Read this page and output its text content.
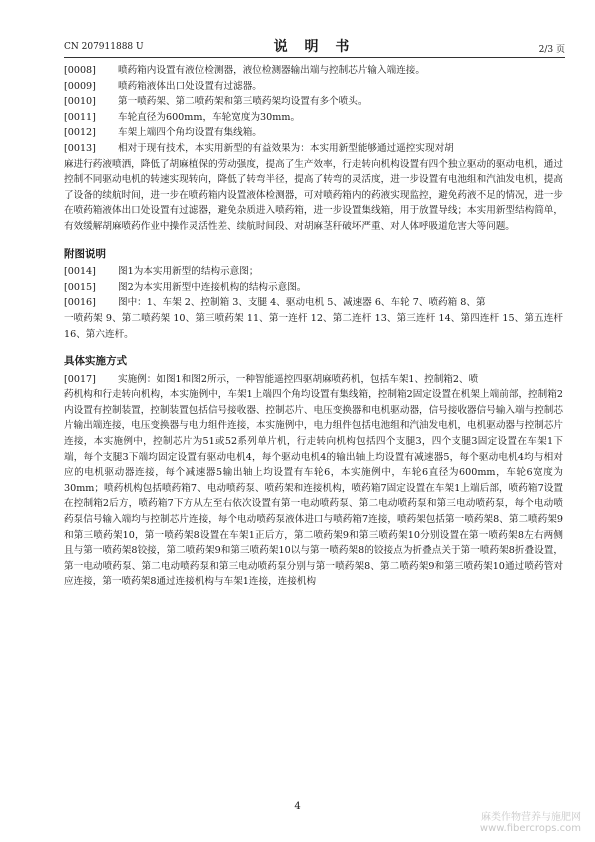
CN 207911888 U	说 明 书	2/3 页
[0008]	喷药箱内设置有液位检测器，液位检测器输出端与控制芯片输入端连接。
[0009]	喷药箱液体出口处设置有过滤器。
[0010]	第一喷药架、第二喷药架和第三喷药架均设置有多个喷头。
[0011]	车轮直径为600mm，车轮宽度为30mm。
[0012]	车架上端四个角均设置有集线箱。
[0013]	相对于现有技术，本实用新型的有益效果为：本实用新型能够通过遥控实现对胡

麻进行药液喷洒，降低了胡麻植保的劳动强度，提高了生产效率，行走转向机构设置有四个独立驱动的驱动电机，通过控制不同驱动电机的转速实现转向，降低了转弯半径，提高了转弯的灵活度，进一步设置有电池组和汽油发电机，提高了设备的续航时间，进一步在喷药箱内设置液体检测器，可对喷药箱内的药液实现监控，避免药液不足的情况，进一步在喷药箱液体出口处设置有过滤器，避免杂质进入喷药箱，进一步设置集线箱，用于放置导线；本实用新型结构简单，有效缓解胡麻喷药作业中操作灵活性差、续航时间段、对胡麻茎秆破坏严重、对人体呼吸道危害大等问题。

附图说明
[0014]	图1为本实用新型的结构示意图；
[0015]	图2为本实用新型中连接机构的结构示意图。
[0016]	图中：1、车架 2、控制箱 3、支腿 4、驱动电机 5、减速器 6、车轮 7、喷药箱 8、第

一喷药架 9、第二喷药架 10、第三喷药架 11、第一连杆 12、第二连杆 13、第三连杆 14、第四连杆 15、第五连杆 16、第六连杆。

具体实施方式
[0017]	实施例：如图1和图2所示，一种智能遥控四驱胡麻喷药机，包括车架1、控制箱2、喷

药机构和行走转向机构，本实施例中，车架1上端四个角均设置有集线箱，控制箱2固定设置在机架上端前部，控制箱2内设置有控制装置，控制装置包括信号接收器、控制芯片、电压变换器和电机驱动器，信号接收器信号输入端与控制芯片输出端连接，电压变换器与电力组件连接，本实施例中，电力组件包括电池组和汽油发电机，电机驱动器与控制芯片连接，本实施例中，控制芯片为51或52系列单片机，行走转向机构包括四个支腿3，四个支腿3固定设置在车架1下端，每个支腿3下端均固定设置有驱动电机4，每个驱动电机4的输出轴上均设置有减速器5，每个驱动电机4均与相对应的电机驱动器连接，每个减速器5输出轴上均设置有车轮6，本实施例中，车轮6直径为600mm，车轮6宽度为30mm；喷药机构包括喷药箱7、电动喷药泵、喷药架和连接机构，喷药箱7固定设置在车架1上端后部，喷药箱7设置在控制箱2后方，喷药箱7下方从左至右依次设置有第一电动喷药泵、第二电动喷药泵和第三电动喷药泵，每个电动喷药泵信号输入端均与控制芯片连接，每个电动喷药泵液体进口与喷药箱7连接，喷药架包括第一喷药架8、第二喷药架9和第三喷药架10，第一喷药架8设置在车架1正后方，第二喷药架9和第三喷药架10分别设置在第一喷药架8左右两侧且与第一喷药架8铰接，第二喷药架9和第三喷药架10以与第一喷药架8的铰接点为折叠点关于第一喷药架8折叠设置，第一电动喷药泵、第二电动喷药泵和第三电动喷药泵分别与第一喷药架8、第二喷药架9和第三喷药架10通过喷药管对应连接，第一喷药架8通过连接机构与车架1连接，连接机构

4
麻类作物营养与施肥网
www.fibercrops.com
